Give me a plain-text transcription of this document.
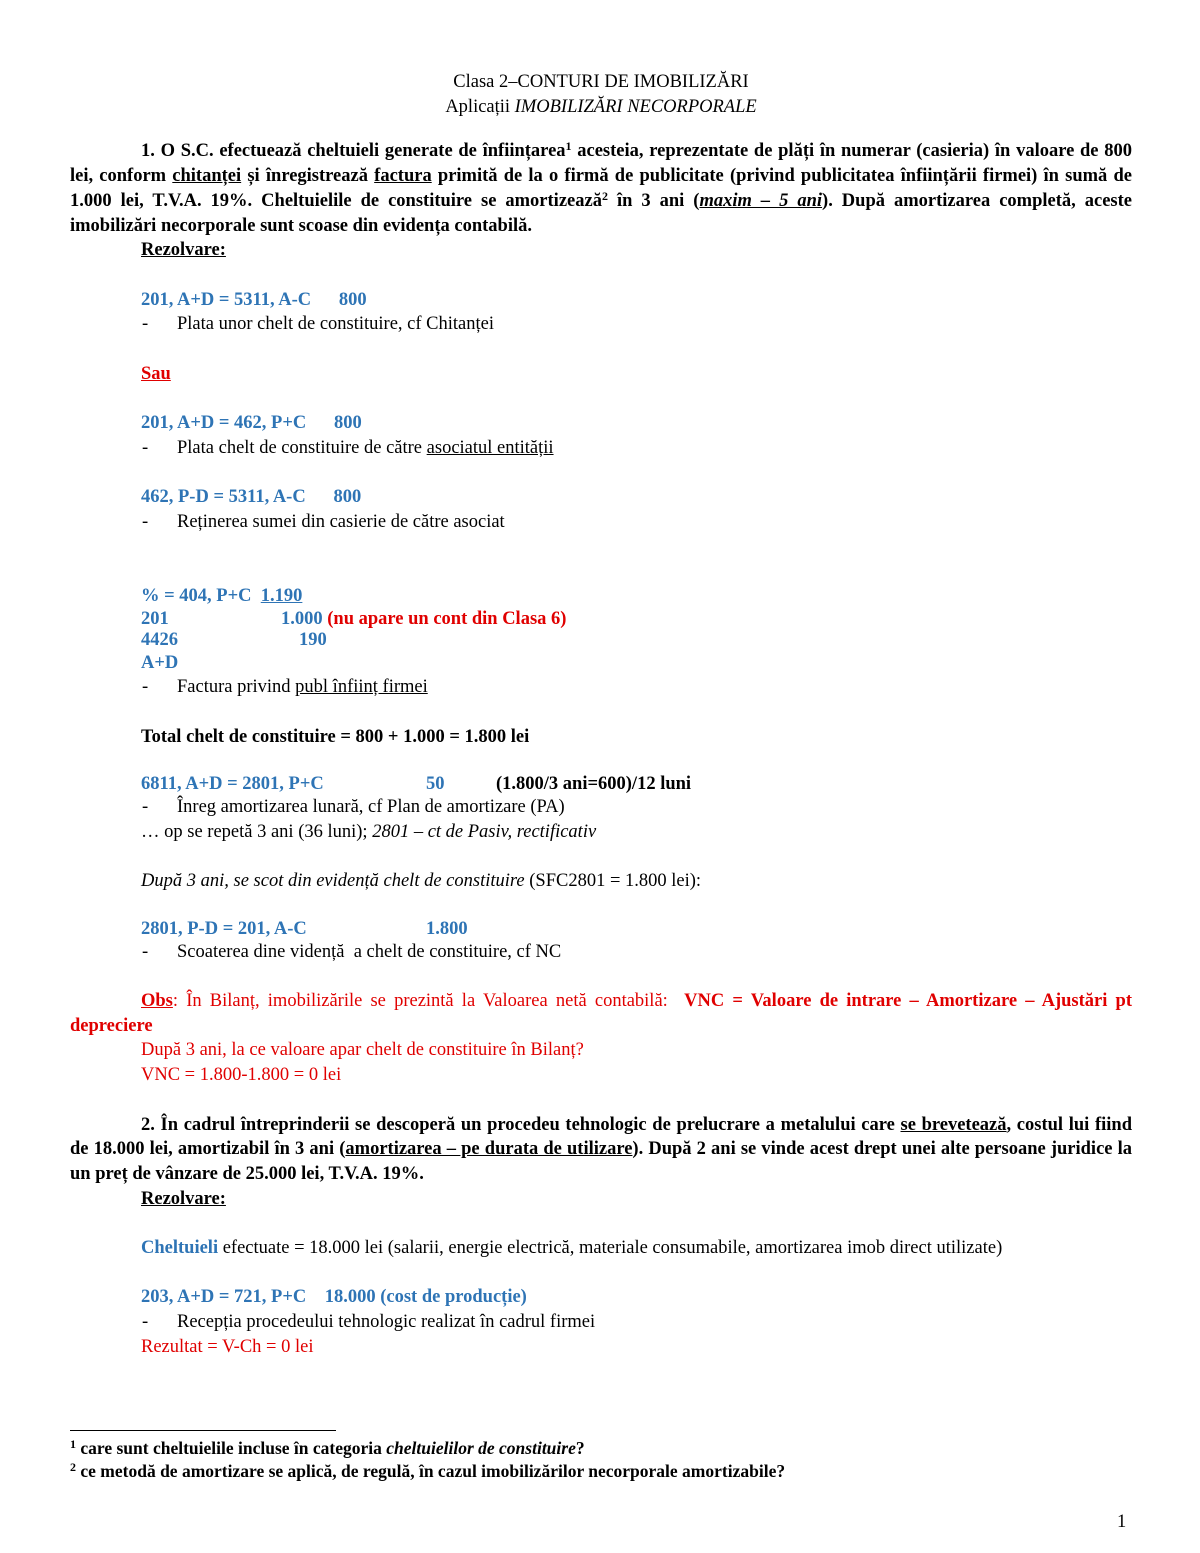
Clasa 2–CONTURI DE IMOBILIZĂRI

Aplicații IMOBILIZĂRI NECORPORALE

1. O S.C. efectuează cheltuieli generate de înființarea$^1$ acesteia, reprezentate de plăți în numerar (casieria) în valoare de 800 lei, conform chitanței și înregistrează factura primită de la o firmă de publicitate (privind publicitatea înființării firmei) în sumă de 1.000 lei, T.V.A. 19%. Cheltuielile de constituire se amortizează$^2$ în 3 ani (maxim – 5 ani). După amortizarea completă, aceste imobilizări necorporale sunt scoase din evidența contabilă.

Rezolvare:

201, A+D = 5311, A-C      800

- Plata unor chelt de constituire, cf Chitanței

Sau

201, A+D = 462, P+C      800

- Plata chelt de constituire de către asociatul entității

462, P-D = 5311, A-C      800

- Reținerea sumei din casierie de către asociat

% = 404, P+C  1.190

201	1.000 (nu apare un cont din Clasa 6)
4426	190

A+D

- Factura privind publ înființ firmei

Total chelt de constituire = 800 + 1.000 = 1.800 lei

6811, A+D = 2801, P+C	50	(1.800/3 ani=600)/12 luni

- Înreg amortizarea lunară, cf Plan de amortizare (PA)

… op se repetă 3 ani (36 luni); 2801 – ct de Pasiv, rectificativ

După 3 ani, se scot din evidență chelt de constituire (SFC2801 = 1.800 lei):

2801, P-D = 201, A-C	1.800

- Scoaterea dine vidență  a chelt de constituire, cf NC

Obs: În Bilanț, imobilizările se prezintă la Valoarea netă contabilă:  VNC = Valoare de intrare – Amortizare – Ajustări pt depreciere

După 3 ani, la ce valoare apar chelt de constituire în Bilanț?

VNC = 1.800-1.800 = 0 lei

2. În cadrul întreprinderii se descoperă un procedeu tehnologic de prelucrare a metalului care se brevetează, costul lui fiind de 18.000 lei, amortizabil în 3 ani (amortizarea – pe durata de utilizare). După 2 ani se vinde acest drept unei alte persoane juridice la un preț de vânzare de 25.000 lei, T.V.A. 19%.

Rezolvare:

Cheltuieli efectuate = 18.000 lei (salarii, energie electrică, materiale consumabile, amortizarea imob direct utilizate)

203, A+D = 721, P+C    18.000 (cost de producție)

- Recepția procedeului tehnologic realizat în cadrul firmei

Rezultat = V-Ch = 0 lei

$^1$ care sunt cheltuielile incluse în categoria cheltuielilor de constituire?

$^2$ ce metodă de amortizare se aplică, de regulă, în cazul imobilizărilor necorporale amortizabile?

1
